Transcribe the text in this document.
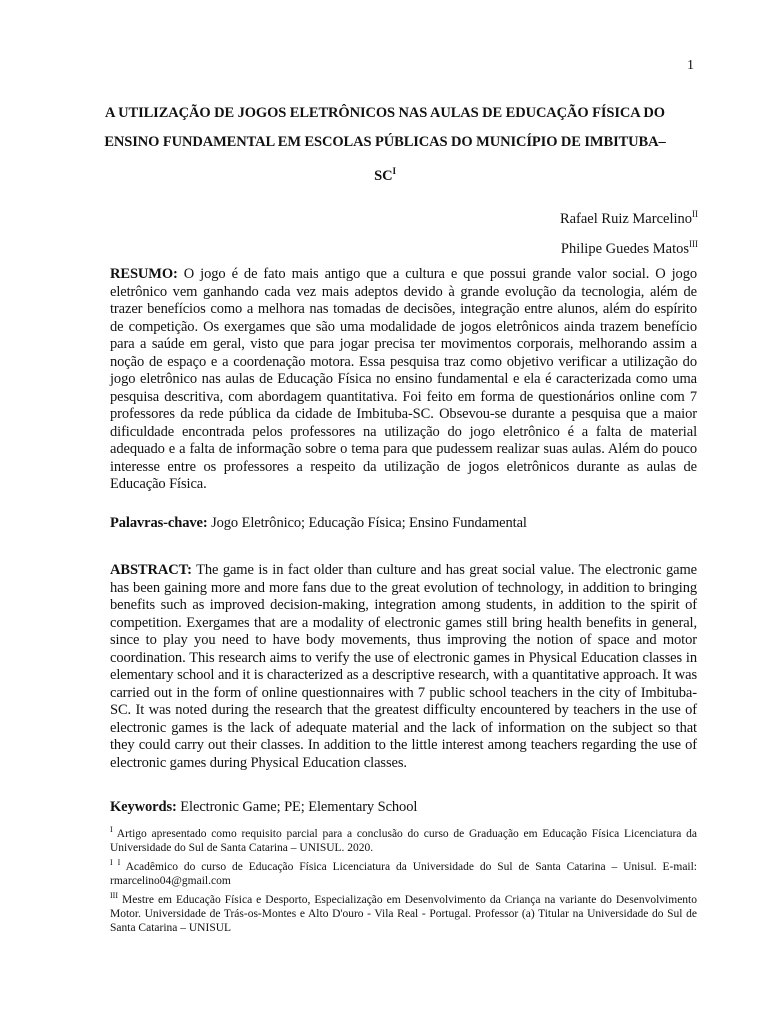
1
A UTILIZAÇÃO DE JOGOS ELETRÔNICOS NAS AULAS DE EDUCAÇÃO FÍSICA DO ENSINO FUNDAMENTAL EM ESCOLAS PÚBLICAS DO MUNICÍPIO DE IMBITUBA–$SC^I$
Rafael Ruiz Marcelino$^{II}$
Philipe Guedes Matos$^{III}$
RESUMO: O jogo é de fato mais antigo que a cultura e que possui grande valor social. O jogo eletrônico vem ganhando cada vez mais adeptos devido à grande evolução da tecnologia, além de trazer benefícios como a melhora nas tomadas de decisões, integração entre alunos, além do espírito de competição. Os exergames que são uma modalidade de jogos eletrônicos ainda trazem benefício para a saúde em geral, visto que para jogar precisa ter movimentos corporais, melhorando assim a noção de espaço e a coordenação motora. Essa pesquisa traz como objetivo verificar a utilização do jogo eletrônico nas aulas de Educação Física no ensino fundamental e ela é caracterizada como uma pesquisa descritiva, com abordagem quantitativa. Foi feito em forma de questionários online com 7 professores da rede pública da cidade de Imbituba-SC. Obsevou-se durante a pesquisa que a maior dificuldade encontrada pelos professores na utilização do jogo eletrônico é a falta de material adequado e a falta de informação sobre o tema para que pudessem realizar suas aulas. Além do pouco interesse entre os professores a respeito da utilização de jogos eletrônicos durante as aulas de Educação Física.
Palavras-chave: Jogo Eletrônico; Educação Física; Ensino Fundamental
ABSTRACT: The game is in fact older than culture and has great social value. The electronic game has been gaining more and more fans due to the great evolution of technology, in addition to bringing benefits such as improved decision-making, integration among students, in addition to the spirit of competition. Exergames that are a modality of electronic games still bring health benefits in general, since to play you need to have body movements, thus improving the notion of space and motor coordination. This research aims to verify the use of electronic games in Physical Education classes in elementary school and it is characterized as a descriptive research, with a quantitative approach. It was carried out in the form of online questionnaires with 7 public school teachers in the city of Imbituba-SC. It was noted during the research that the greatest difficulty encountered by teachers in the use of electronic games is the lack of adequate material and the lack of information on the subject so that they could carry out their classes. In addition to the little interest among teachers regarding the use of electronic games during Physical Education classes.
Keywords: Electronic Game; PE; Elementary School

$^I$ Artigo apresentado como requisito parcial para a conclusão do curso de Graduação em Educação Física Licenciatura da Universidade do Sul de Santa Catarina – UNISUL. 2020.

$^{I I}$ Acadêmico do curso de Educação Física Licenciatura da Universidade do Sul de Santa Catarina – Unisul. E-mail: rmarcelino04@gmail.com

$^{III}$ Mestre em Educação Física e Desporto, Especialização em Desenvolvimento da Criança na variante do Desenvolvimento Motor. Universidade de Trás-os-Montes e Alto D'ouro - Vila Real - Portugal. Professor (a) Titular na Universidade do Sul de Santa Catarina – UNISUL
